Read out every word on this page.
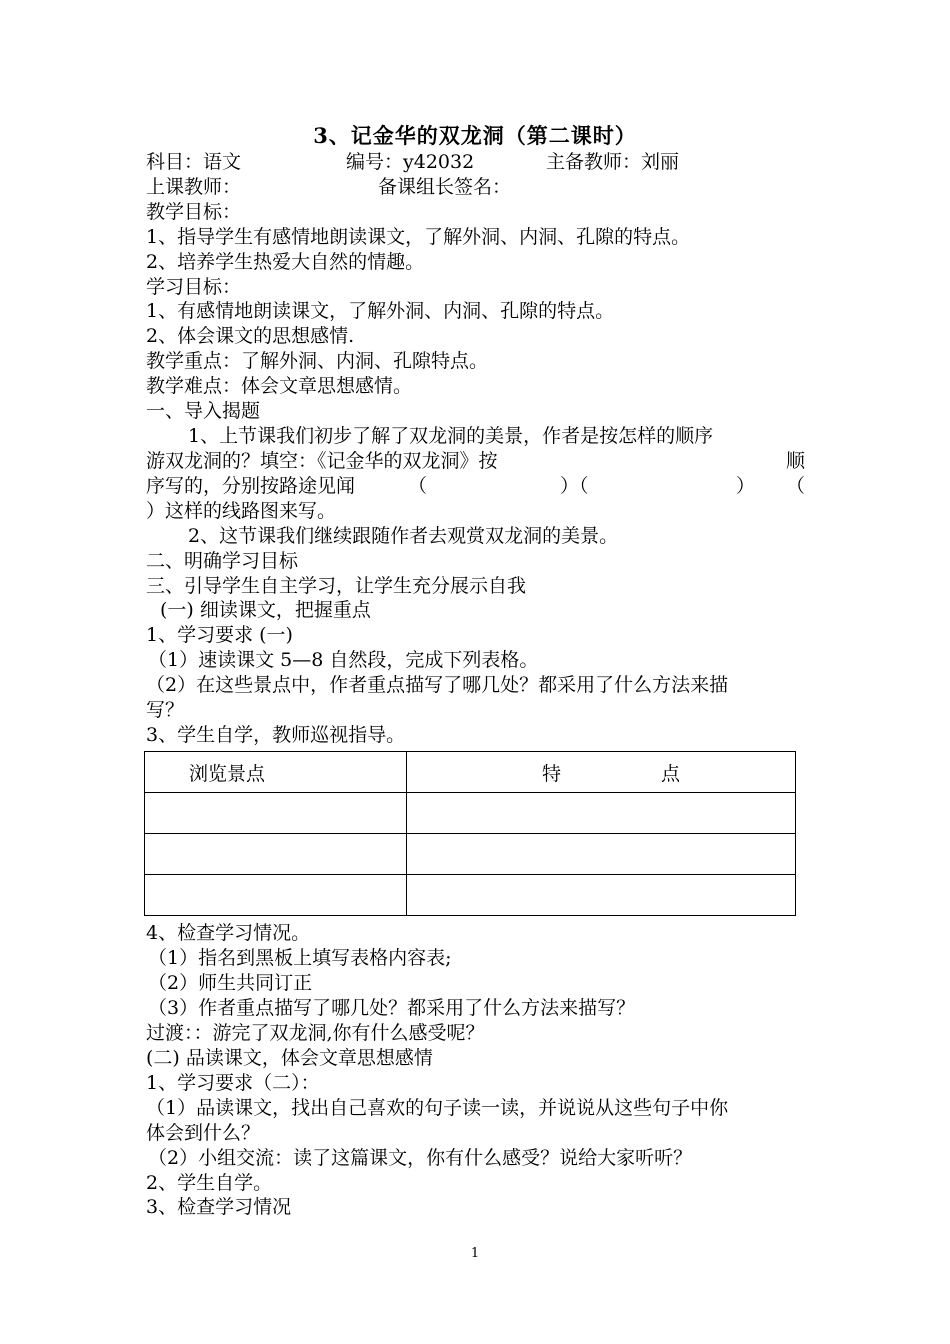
3、记金华的双龙洞（第二课时）
科目：语文	编号：y42032	主备教师：刘丽
上课教师：	备课组长签名：
教学目标：
1、指导学生有感情地朗读课文，了解外洞、内洞、孔隙的特点。
2、培养学生热爱大自然的情趣。
学习目标：
1、有感情地朗读课文，了解外洞、内洞、孔隙的特点。
2、体会课文的思想感情.
教学重点：了解外洞、内洞、孔隙特点。
教学难点：体会文章思想感情。
一、导入揭题
1、上节课我们初步了解了双龙洞的美景，作者是按怎样的顺序
游双龙洞的？填空：《记金华的双龙洞》按	顺
序写的，分别按路途见闻	（	）（	） （
）这样的线路图来写。
2、这节课我们继续跟随作者去观赏双龙洞的美景。
二、明确学习目标
三、引导学生自主学习，让学生充分展示自我
(一) 细读课文，把握重点
1、学习要求 (一)
（1）速读课文 5—8 自然段，完成下列表格。
（2）在这些景点中，作者重点描写了哪几处？都采用了什么方法来描
写？
3、学生自学，教师巡视指导。
浏览景点	特 点

4、检查学习情况。
（1）指名到黑板上填写表格内容表;
（2）师生共同订正
（3）作者重点描写了哪几处？都采用了什么方法来描写？
过渡：：游完了双龙洞,你有什么感受呢？
(二) 品读课文，体会文章思想感情
1、学习要求（二）：
（1）品读课文，找出自己喜欢的句子读一读，并说说从这些句子中你
体会到什么？
（2）小组交流：读了这篇课文，你有什么感受？说给大家听听？
2、学生自学。
3、检查学习情况
1
